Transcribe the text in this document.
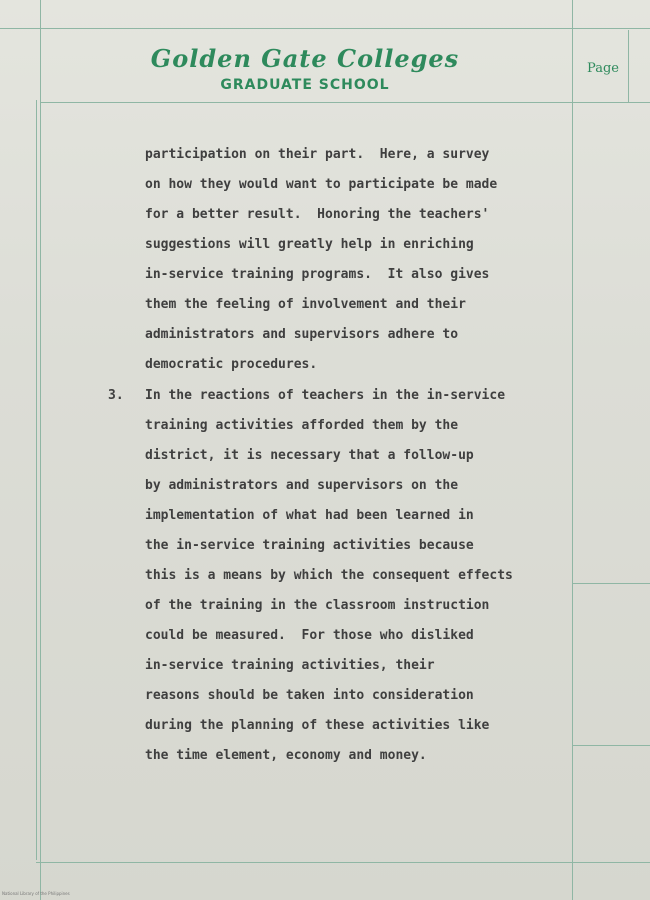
Golden Gate Colleges
GRADUATE SCHOOL
Page
participation on their part.  Here, a survey
on how they would want to participate be made
for a better result.  Honoring the teachers'
suggestions will greatly help in enriching
in-service training programs.  It also gives
them the feeling of involvement and their
administrators and supervisors adhere to
democratic procedures.
3. In the reactions of teachers in the in-service
training activities afforded them by the
district, it is necessary that a follow-up
by administrators and supervisors on the
implementation of what had been learned in
the in-service training activities because
this is a means by which the consequent effects
of the training in the classroom instruction
could be measured.  For those who disliked
in-service training activities, their
reasons should be taken into consideration
during the planning of these activities like
the time element, economy and money.
National Library of the Philippines
